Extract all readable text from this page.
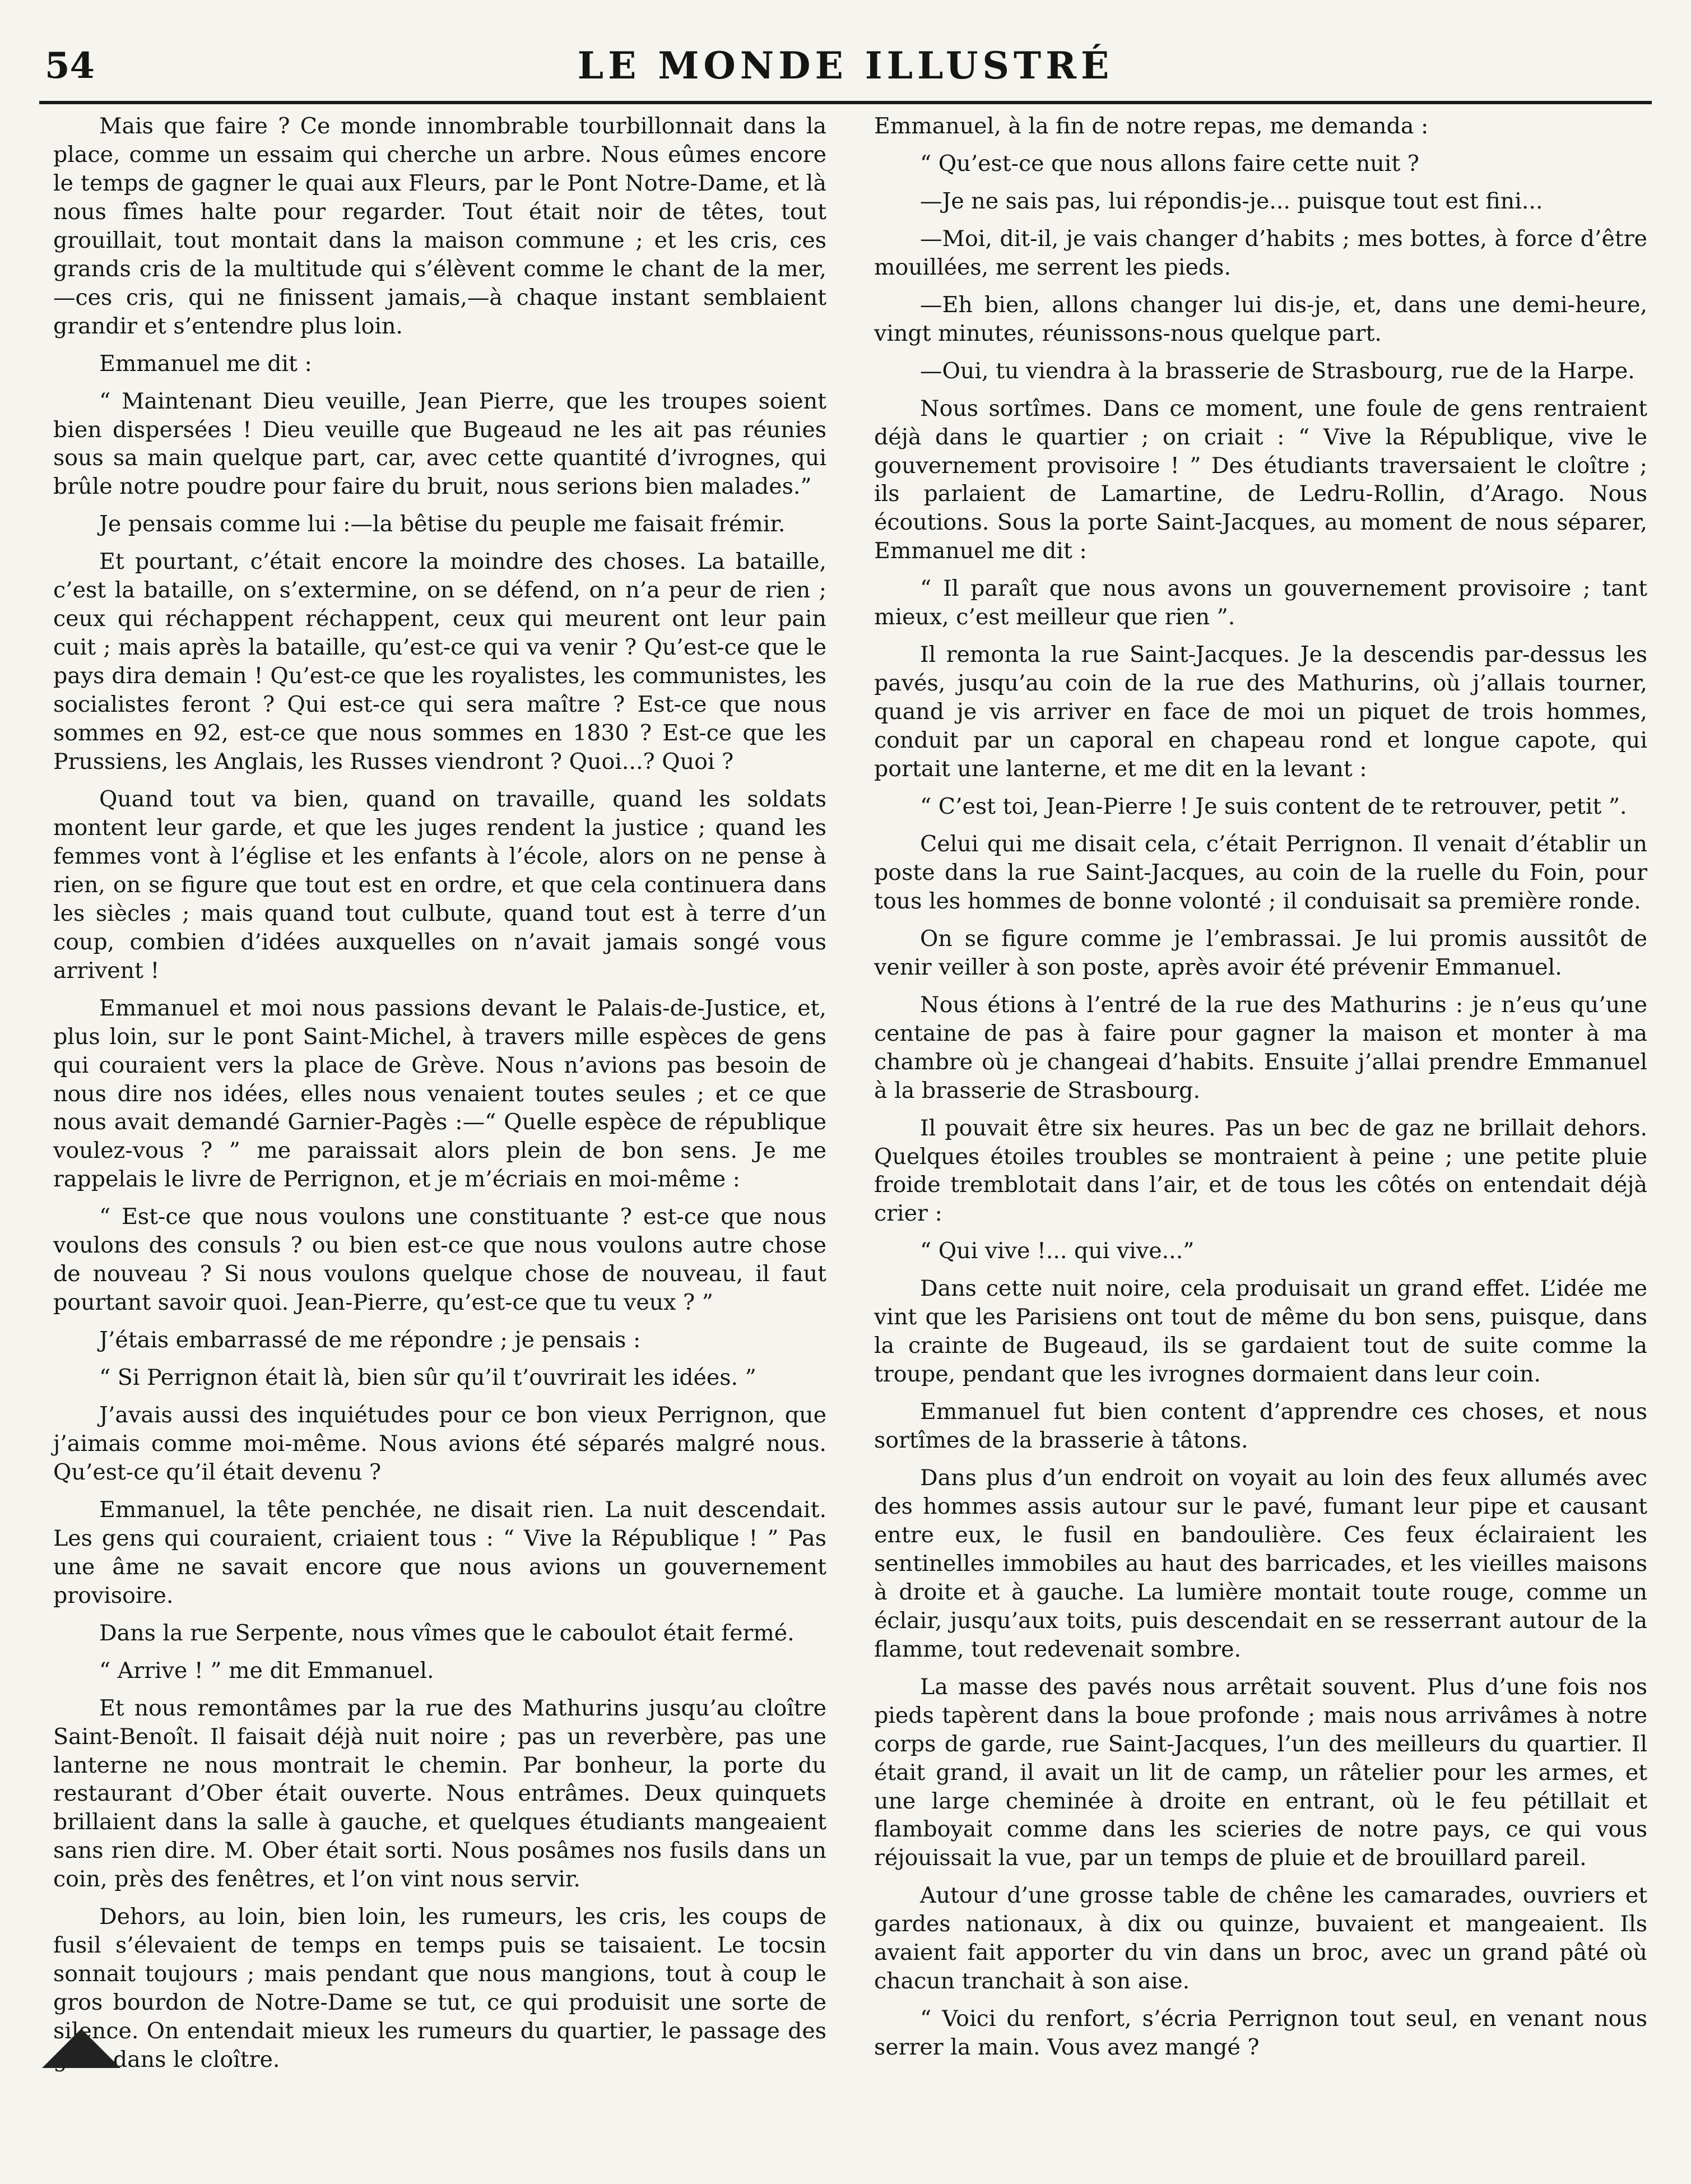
54	LE MONDE ILLUSTRÉ

Mais que faire ? Ce monde innombrable tourbillonnait dans la place, comme un essaim qui cherche un arbre. Nous eûmes encore le temps de gagner le quai aux Fleurs, par le Pont Notre-Dame, et là nous fîmes halte pour regarder. Tout était noir de têtes, tout grouillait, tout montait dans la maison commune ; et les cris, ces grands cris de la multitude qui s’élèvent comme le chant de la mer,—ces cris, qui ne finissent jamais,—à chaque instant semblaient grandir et s’entendre plus loin.

Emmanuel me dit :

“ Maintenant Dieu veuille, Jean Pierre, que les troupes soient bien dispersées ! Dieu veuille que Bugeaud ne les ait pas réunies sous sa main quelque part, car, avec cette quantité d’ivrognes, qui brûle notre poudre pour faire du bruit, nous serions bien malades.”

Je pensais comme lui :—la bêtise du peuple me faisait frémir.

Et pourtant, c’était encore la moindre des choses. La bataille, c’est la bataille, on s’extermine, on se défend, on n’a peur de rien ; ceux qui réchappent réchappent, ceux qui meurent ont leur pain cuit ; mais après la bataille, qu’est-ce qui va venir ? Qu’est-ce que le pays dira demain ! Qu’est-ce que les royalistes, les communistes, les socialistes feront ? Qui est-ce qui sera maître ? Est-ce que nous sommes en 92, est-ce que nous sommes en 1830 ? Est-ce que les Prussiens, les Anglais, les Russes viendront ? Quoi...? Quoi ?

Quand tout va bien, quand on travaille, quand les soldats montent leur garde, et que les juges rendent la justice ; quand les femmes vont à l’église et les enfants à l’école, alors on ne pense à rien, on se figure que tout est en ordre, et que cela continuera dans les siècles ; mais quand tout culbute, quand tout est à terre d’un coup, combien d’idées auxquelles on n’avait jamais songé vous arrivent !

Emmanuel et moi nous passions devant le Palais-de-Justice, et, plus loin, sur le pont Saint-Michel, à travers mille espèces de gens qui couraient vers la place de Grève. Nous n’avions pas besoin de nous dire nos idées, elles nous venaient toutes seules ; et ce que nous avait demandé Garnier-Pagès :—“ Quelle espèce de république voulez-vous ? ” me paraissait alors plein de bon sens. Je me rappelais le livre de Perrignon, et je m’écriais en moi-même :

“ Est-ce que nous voulons une constituante ? est-ce que nous voulons des consuls ? ou bien est-ce que nous voulons autre chose de nouveau ? Si nous voulons quelque chose de nouveau, il faut pourtant savoir quoi. Jean-Pierre, qu’est-ce que tu veux ? ”

J’étais embarrassé de me répondre ; je pensais :

“ Si Perrignon était là, bien sûr qu’il t’ouvrirait les idées. ”

J’avais aussi des inquiétudes pour ce bon vieux Perrignon, que j’aimais comme moi-même. Nous avions été séparés malgré nous. Qu’est-ce qu’il était devenu ?

Emmanuel, la tête penchée, ne disait rien. La nuit descendait. Les gens qui couraient, criaient tous : “ Vive la République ! ” Pas une âme ne savait encore que nous avions un gouvernement provisoire.

Dans la rue Serpente, nous vîmes que le caboulot était fermé.

“ Arrive ! ” me dit Emmanuel.

Et nous remontâmes par la rue des Mathurins jusqu’au cloître Saint-Benoît. Il faisait déjà nuit noire ; pas un reverbère, pas une lanterne ne nous montrait le chemin. Par bonheur, la porte du restaurant d’Ober était ouverte. Nous entrâmes. Deux quinquets brillaient dans la salle à gauche, et quelques étudiants mangeaient sans rien dire. M. Ober était sorti. Nous posâmes nos fusils dans un coin, près des fenêtres, et l’on vint nous servir.

Dehors, au loin, bien loin, les rumeurs, les cris, les coups de fusil s’élevaient de temps en temps puis se taisaient. Le tocsin sonnait toujours ; mais pendant que nous mangions, tout à coup le gros bourdon de Notre-Dame se tut, ce qui produisit une sorte de silence. On entendait mieux les rumeurs du quartier, le passage des gens dans le cloître.

Emmanuel, à la fin de notre repas, me demanda :

“ Qu’est-ce que nous allons faire cette nuit ?

—Je ne sais pas, lui répondis-je... puisque tout est fini...

—Moi, dit-il, je vais changer d’habits ; mes bottes, à force d’être mouillées, me serrent les pieds.

—Eh bien, allons changer lui dis-je, et, dans une demi-heure, vingt minutes, réunissons-nous quelque part.

—Oui, tu viendra à la brasserie de Strasbourg, rue de la Harpe.

Nous sortîmes. Dans ce moment, une foule de gens rentraient déjà dans le quartier ; on criait : “ Vive la République, vive le gouvernement provisoire ! ” Des étudiants traversaient le cloître ; ils parlaient de Lamartine, de Ledru-Rollin, d’Arago. Nous écoutions. Sous la porte Saint-Jacques, au moment de nous séparer, Emmanuel me dit :

“ Il paraît que nous avons un gouvernement provisoire ; tant mieux, c’est meilleur que rien ”.

Il remonta la rue Saint-Jacques. Je la descendis par-dessus les pavés, jusqu’au coin de la rue des Mathurins, où j’allais tourner, quand je vis arriver en face de moi un piquet de trois hommes, conduit par un caporal en chapeau rond et longue capote, qui portait une lanterne, et me dit en la levant :

“ C’est toi, Jean-Pierre ! Je suis content de te retrouver, petit ”.

Celui qui me disait cela, c’était Perrignon. Il venait d’établir un poste dans la rue Saint-Jacques, au coin de la ruelle du Foin, pour tous les hommes de bonne volonté ; il conduisait sa première ronde.

On se figure comme je l’embrassai. Je lui promis aussitôt de venir veiller à son poste, après avoir été prévenir Emmanuel.

Nous étions à l’entré de la rue des Mathurins : je n’eus qu’une centaine de pas à faire pour gagner la maison et monter à ma chambre où je changeai d’habits. Ensuite j’allai prendre Emmanuel à la brasserie de Strasbourg.

Il pouvait être six heures. Pas un bec de gaz ne brillait dehors. Quelques étoiles troubles se montraient à peine ; une petite pluie froide tremblotait dans l’air, et de tous les côtés on entendait déjà crier :

“ Qui vive !... qui vive...”

Dans cette nuit noire, cela produisait un grand effet. L’idée me vint que les Parisiens ont tout de même du bon sens, puisque, dans la crainte de Bugeaud, ils se gardaient tout de suite comme la troupe, pendant que les ivrognes dormaient dans leur coin.

Emmanuel fut bien content d’apprendre ces choses, et nous sortîmes de la brasserie à tâtons.

Dans plus d’un endroit on voyait au loin des feux allumés avec des hommes assis autour sur le pavé, fumant leur pipe et causant entre eux, le fusil en bandoulière. Ces feux éclairaient les sentinelles immobiles au haut des barricades, et les vieilles maisons à droite et à gauche. La lumière montait toute rouge, comme un éclair, jusqu’aux toits, puis descendait en se resserrant autour de la flamme, tout redevenait sombre.

La masse des pavés nous arrêtait souvent. Plus d’une fois nos pieds tapèrent dans la boue profonde ; mais nous arrivâmes à notre corps de garde, rue Saint-Jacques, l’un des meilleurs du quartier. Il était grand, il avait un lit de camp, un râtelier pour les armes, et une large cheminée à droite en entrant, où le feu pétillait et flamboyait comme dans les scieries de notre pays, ce qui vous réjouissait la vue, par un temps de pluie et de brouillard pareil.

Autour d’une grosse table de chêne les camarades, ouvriers et gardes nationaux, à dix ou quinze, buvaient et mangeaient. Ils avaient fait apporter du vin dans un broc, avec un grand pâté où chacun tranchait à son aise.

“ Voici du renfort, s’écria Perrignon tout seul, en venant nous serrer la main. Vous avez mangé ?
